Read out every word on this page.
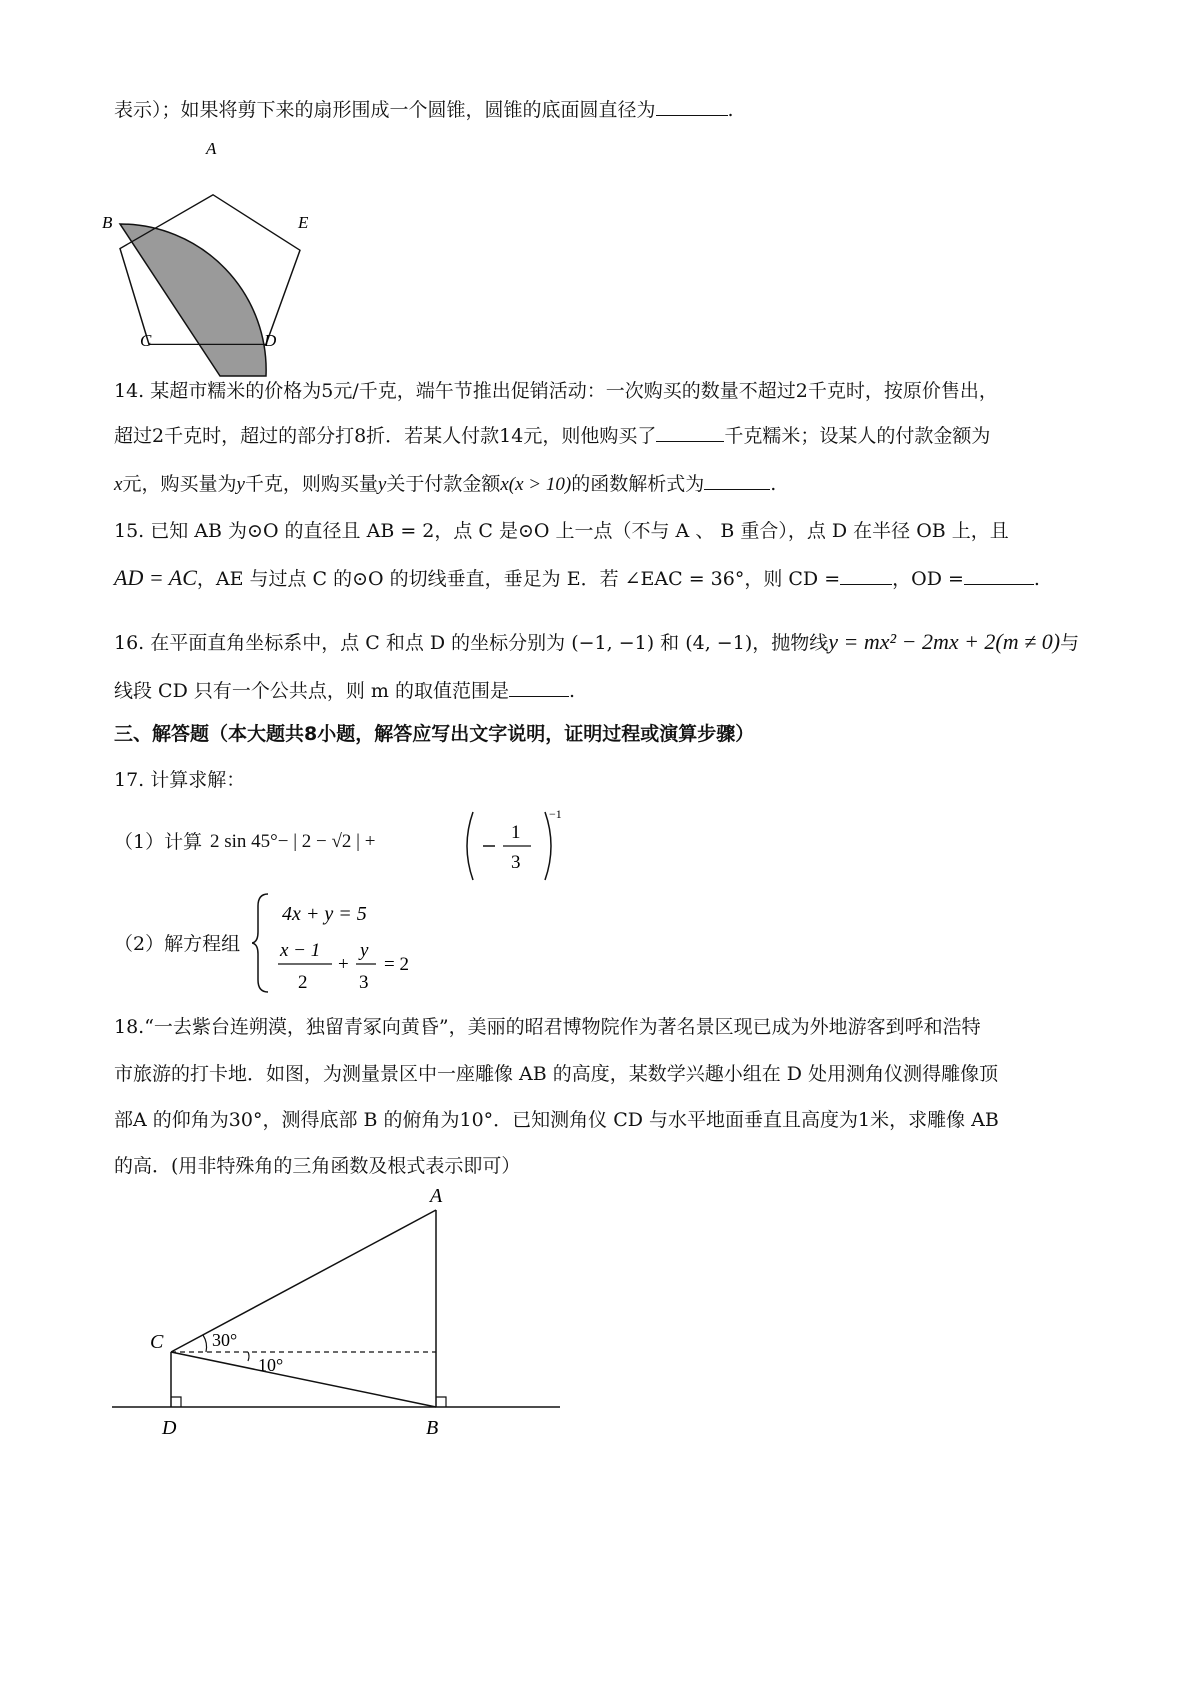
表示）；如果将剪下来的扇形围成一个圆锥，圆锥的底面圆直径为	.
A
B	E
C	D
14. 某超市糯米的价格为5元/千克，端午节推出促销活动：一次购买的数量不超过2千克时，按原价售出，
超过2千克时，超过的部分打8折．若某人付款14元，则他购买了	千克糯米；设某人的付款金额为
x元，购买量为y千克，则购买量y关于付款金额x(x > 10)的函数解析式为	.
15. 已知 AB 为⊙O 的直径且 AB = 2，点 C 是⊙O 上一点（不与 A 、 B 重合），点 D 在半径 OB 上，且
AD = AC，AE 与过点 C 的⊙O 的切线垂直，垂足为 E．若 ∠EAC = 36°，则 CD =	，OD =	.
16. 在平面直角坐标系中，点 C 和点 D 的坐标分别为 (−1, −1) 和 (4, −1)，抛物线y = mx² − 2mx + 2(m ≠ 0)与
线段 CD 只有一个公共点，则 m 的取值范围是	.
三、解答题（本大题共8小题，解答应写出文字说明，证明过程或演算步骤）
17. 计算求解：
（1）计算 2 sin 45°− | 2 − √2 | +	1
3
−1
（2）解方程组
4x + y = 5
x − 1
2
+
y
3
= 2
18.“一去紫台连朔漠，独留青冢向黄昏”，美丽的昭君博物院作为著名景区现已成为外地游客到呼和浩特
市旅游的打卡地．如图，为测量景区中一座雕像 AB 的高度，某数学兴趣小组在 D 处用测角仪测得雕像顶
部A 的仰角为30°，测得底部 B 的俯角为10°．已知测角仪 CD 与水平地面垂直且高度为1米，求雕像 AB
的高．(用非特殊角的三角函数及根式表示即可）
A
C
D	B
30°
10°
